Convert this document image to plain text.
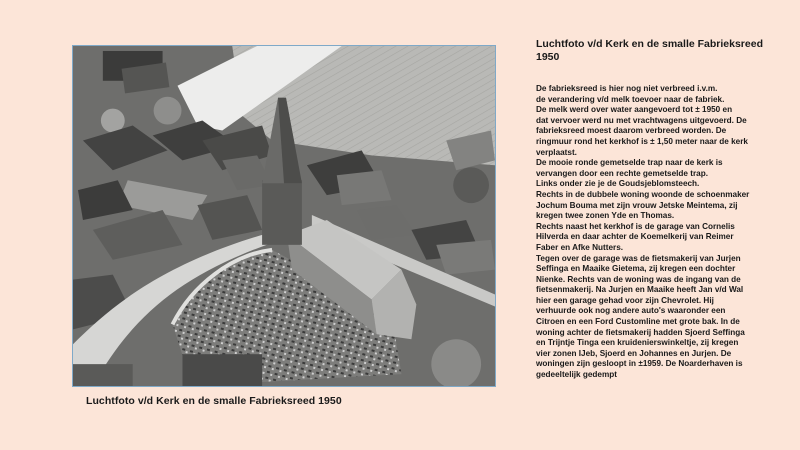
Luchtfoto v/d Kerk en de smalle Fabrieksreed 1950
Luchtfoto v/d Kerk en de smalle Fabrieksreed 1950

De fabrieksreed is hier nog niet verbreed i.v.m.

de verandering v/d melk toevoer naar de fabriek.

De melk werd over water aangevoerd tot ± 1950 en

dat vervoer werd nu met vrachtwagens uitgevoerd. De

fabrieksreed moest daarom verbreed worden. De

ringmuur rond het kerkhof is ± 1,50 meter naar de kerk

verplaatst.

De mooie ronde gemetselde trap naar de kerk is

vervangen door een rechte gemetselde trap.

Links onder zie je de Goudsjeblomsteech.

Rechts in de dubbele woning woonde de schoenmaker

Jochum Bouma met zijn vrouw Jetske Meintema, zij

kregen twee zonen Yde en Thomas.

Rechts naast het kerkhof is de garage van Cornelis

Hilverda en daar achter de Koemelkerij van Reimer

Faber en Afke Nutters.

Tegen over de garage was de fietsmakerij van Jurjen

Seffinga en Maaike Gietema, zij kregen een dochter

Nienke. Rechts van de woning was de ingang van de

fietsenmakerij. Na Jurjen en Maaike heeft Jan v/d Wal

hier een garage gehad voor zijn Chevrolet. Hij

verhuurde ook nog andere auto's waaronder een

Citroen en een Ford Customline met grote bak. In de

woning achter de fietsmakerij hadden Sjoerd Seffinga

en Trijntje Tinga een kruidenierswinkeltje, zij kregen

vier zonen IJeb, Sjoerd en Johannes en Jurjen. De

woningen zijn gesloopt in ±1959. De Noarderhaven is

gedeeltelijk gedempt
